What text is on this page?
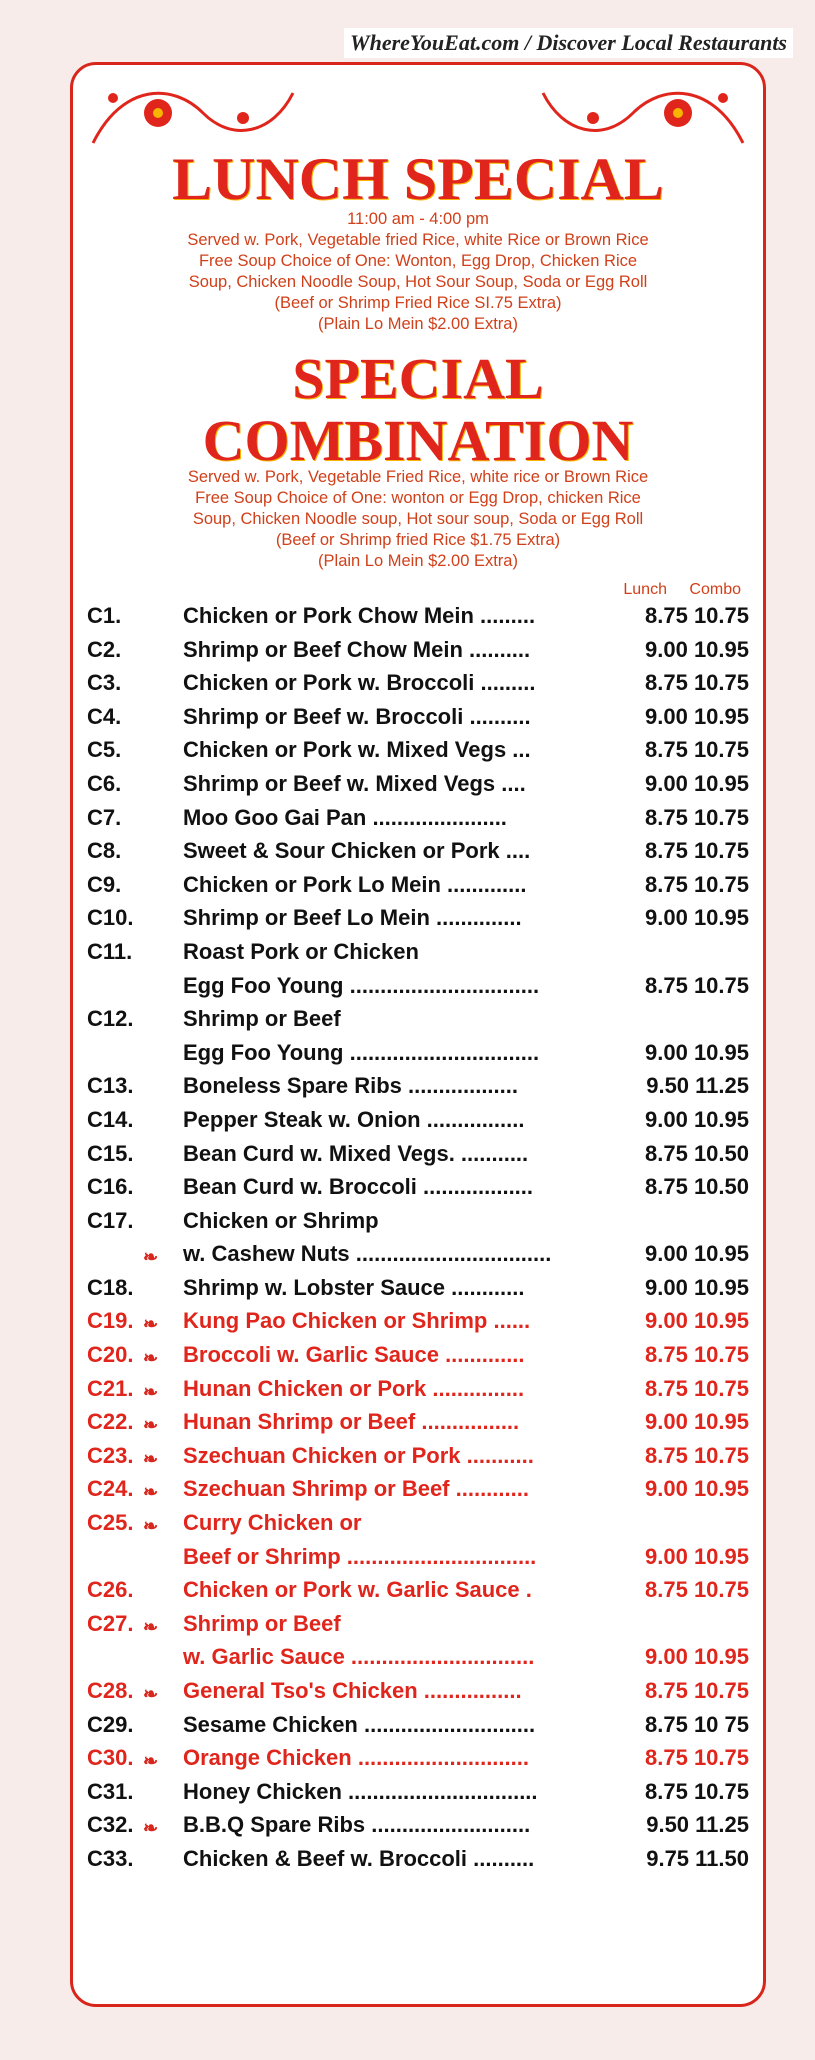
WhereYouEat.com / Discover Local Restaurants
LUNCH SPECIAL
11:00 am - 4:00 pm
Served w. Pork, Vegetable fried Rice, white Rice or Brown Rice
Free Soup Choice of One: Wonton, Egg Drop, Chicken Rice
Soup, Chicken Noodle Soup, Hot Sour Soup, Soda or Egg Roll
(Beef or Shrimp Fried Rice SI.75 Extra)
(Plain Lo Mein $2.00 Extra)
SPECIAL
COMBINATION
Served w. Pork, Vegetable Fried Rice, white rice or Brown Rice
Free Soup Choice of One: wonton or Egg Drop, chicken Rice
Soup, Chicken Noodle soup, Hot sour soup, Soda or Egg Roll
(Beef or Shrimp fried Rice $1.75 Extra)
(Plain Lo Mein $2.00 Extra)
Lunch Combo
C1.	Chicken or Pork Chow Mein .........	8.75 10.75
C2.	Shrimp or Beef Chow Mein ..........	9.00 10.95
C3.	Chicken or Pork w. Broccoli .........	8.75 10.75
C4.	Shrimp or Beef w. Broccoli ..........	9.00 10.95
C5.	Chicken or Pork w. Mixed Vegs ...	8.75 10.75
C6.	Shrimp or Beef w. Mixed Vegs ....	9.00 10.95
C7.	Moo Goo Gai Pan ......................	8.75 10.75
C8.	Sweet & Sour Chicken or Pork ....	8.75 10.75
C9.	Chicken or Pork Lo Mein .............	8.75 10.75
C10. Shrimp or Beef Lo Mein ..............	9.00 10.95
C11. Roast Pork or Chicken
Egg Foo Young ...............................	8.75 10.75
C12. Shrimp or Beef
Egg Foo Young ...............................	9.00 10.95
C13. Boneless Spare Ribs ..................	9.50 11.25
C14. Pepper Steak w. Onion ................	9.00 10.95
C15. Bean Curd w. Mixed Vegs. ...........	8.75 10.50
C16. Bean Curd w. Broccoli ..................	8.75 10.50
C17. Chicken or Shrimp
❧ w. Cashew Nuts ................................	9.00 10.95
C18. Shrimp w. Lobster Sauce ............	9.00 10.95
C19. ❧ Kung Pao Chicken or Shrimp ......	9.00 10.95
C20. ❧ Broccoli w. Garlic Sauce .............	8.75 10.75
C21. ❧ Hunan Chicken or Pork ...............	8.75 10.75
C22. ❧ Hunan Shrimp or Beef ................	9.00 10.95
C23. ❧ Szechuan Chicken or Pork ...........	8.75 10.75
C24. ❧ Szechuan Shrimp or Beef ............	9.00 10.95
C25. ❧ Curry Chicken or
Beef or Shrimp ...............................	9.00 10.95
C26. Chicken or Pork w. Garlic Sauce .	8.75 10.75
C27. ❧ Shrimp or Beef
w. Garlic Sauce ..............................	9.00 10.95
C28. ❧ General Tso's Chicken ................	8.75 10.75
C29. Sesame Chicken ............................	8.75 10 75
C30. ❧ Orange Chicken ............................	8.75 10.75
C31. Honey Chicken ...............................	8.75 10.75
C32. ❧ B.B.Q Spare Ribs ..........................	9.50 11.25
C33. Chicken & Beef w. Broccoli ..........	9.75 11.50
